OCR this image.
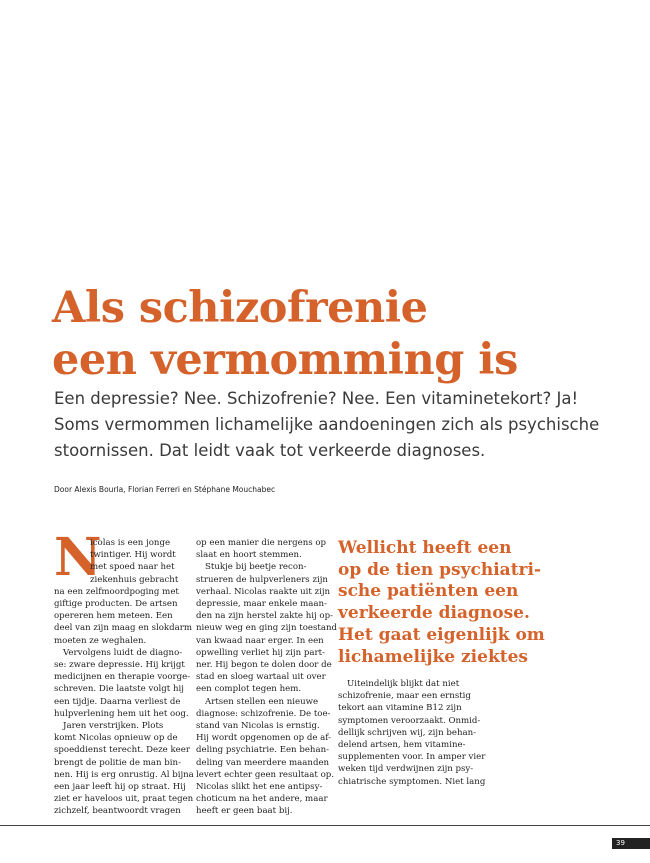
Als schizofrenie
een vermomming is
Een depressie? Nee. Schizofrenie? Nee. Een vitaminetekort? Ja!
Soms vermommen lichamelijke aandoeningen zich als psychische
stoornissen. Dat leidt vaak tot verkeerde diagnoses.
Door Alexis Bourla, Florian Ferreri en Stéphane Mouchabec
N
icolas is een jonge
twintiger. Hij wordt
met spoed naar het
ziekenhuis gebracht
na een zelfmoordpoging met
giftige producten. De artsen
opereren hem meteen. Een
deel van zijn maag en slokdarm
moeten ze weghalen.
Vervolgens luidt de diagno-
se: zware depressie. Hij krijgt
medicijnen en therapie voorge-
schreven. Die laatste volgt hij
een tijdje. Daarna verliest de
hulpverlening hem uit het oog.
Jaren verstrijken. Plots
komt Nicolas opnieuw op de
spoeddienst terecht. Deze keer
brengt de politie de man bin-
nen. Hij is erg onrustig. Al bijna
een jaar leeft hij op straat. Hij
ziet er haveloos uit, praat tegen
zichzelf, beantwoordt vragen
op een manier die nergens op
slaat en hoort stemmen.
Stukje bij beetje recon-
strueren de hulpverleners zijn
verhaal. Nicolas raakte uit zijn
depressie, maar enkele maan-
den na zijn herstel zakte hij op-
nieuw weg en ging zijn toestand
van kwaad naar erger. In een
opwelling verliet hij zijn part-
ner. Hij begon te dolen door de
stad en sloeg wartaal uit over
een complot tegen hem.
Artsen stellen een nieuwe
diagnose: schizofrenie. De toe-
stand van Nicolas is ernstig.
Hij wordt opgenomen op de af-
deling psychiatrie. Een behan-
deling van meerdere maanden
levert echter geen resultaat op.
Nicolas slikt het ene antipsy-
choticum na het andere, maar
heeft er geen baat bij.
Wellicht heeft een
op de tien psychiatri-
sche patiënten een
verkeerde diagnose.
Het gaat eigenlijk om
lichamelijke ziektes
Uiteindelijk blijkt dat niet
schizofrenie, maar een ernstig
tekort aan vitamine B12 zijn
symptomen veroorzaakt. Onmid-
dellijk schrijven wij, zijn behan-
delend artsen, hem vitamine-
supplementen voor. In amper vier
weken tijd verdwijnen zijn psy-
chiatrische symptomen. Niet lang
39
